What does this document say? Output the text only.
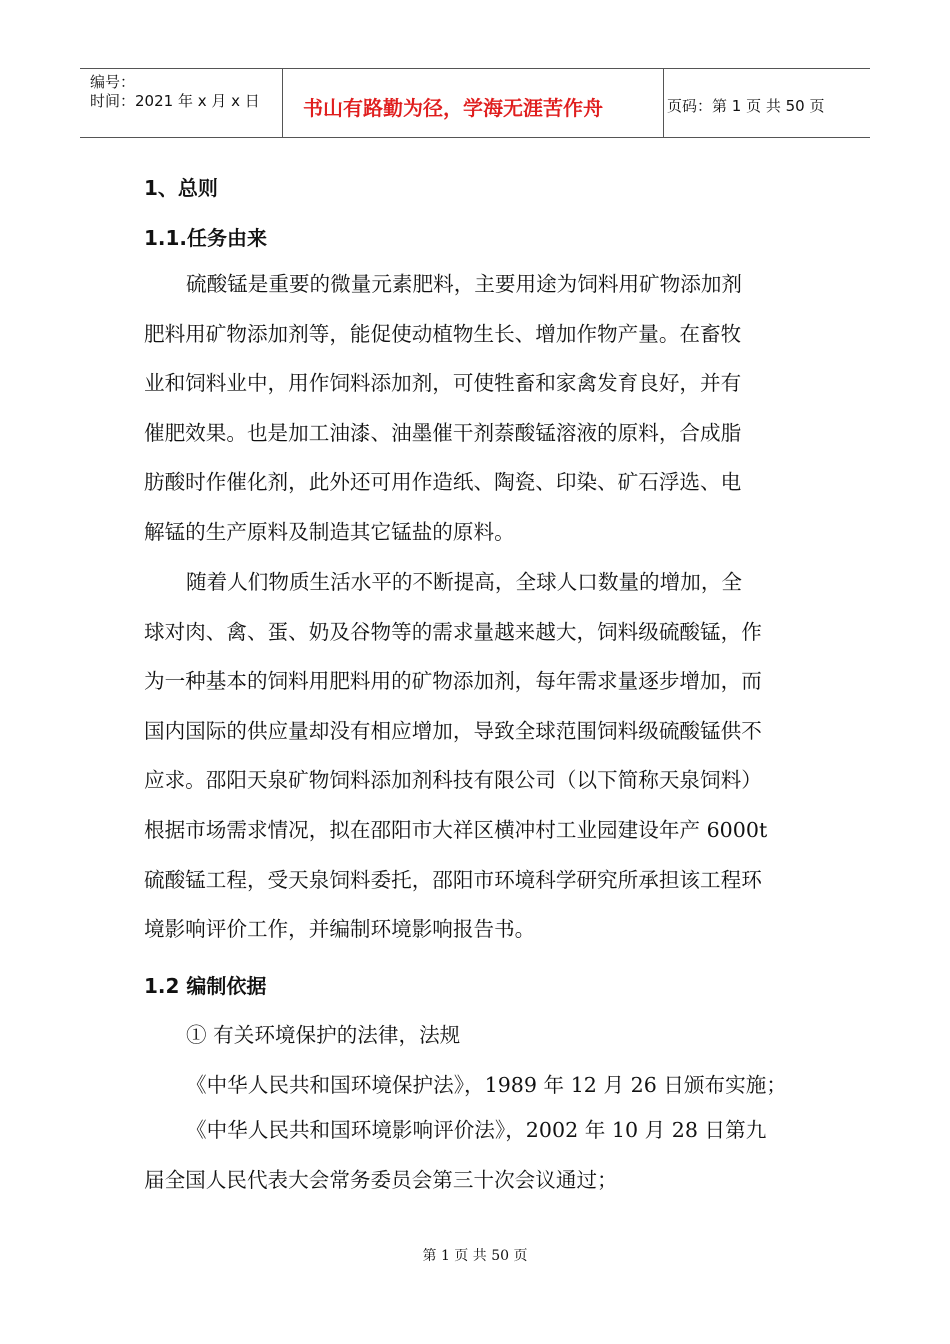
编号：
时间：2021 年 x 月 x 日 书山有路勤为径，学海无涯苦作舟	页码：第 1 页 共 50 页
1、总则
1.1.任务由来
硫酸锰是重要的微量元素肥料，主要用途为饲料用矿物添加剂
肥料用矿物添加剂等，能促使动植物生长、增加作物产量。在畜牧
业和饲料业中，用作饲料添加剂，可使牲畜和家禽发育良好，并有
催肥效果。也是加工油漆、油墨催干剂萘酸锰溶液的原料，合成脂
肪酸时作催化剂，此外还可用作造纸、陶瓷、印染、矿石浮选、电
解锰的生产原料及制造其它锰盐的原料。
随着人们物质生活水平的不断提高，全球人口数量的增加，全
球对肉、禽、蛋、奶及谷物等的需求量越来越大，饲料级硫酸锰，作
为一种基本的饲料用肥料用的矿物添加剂，每年需求量逐步增加，而
国内国际的供应量却没有相应增加，导致全球范围饲料级硫酸锰供不
应求。邵阳天泉矿物饲料添加剂科技有限公司（以下简称天泉饲料）
根据市场需求情况，拟在邵阳市大祥区横冲村工业园建设年产 6000t
硫酸锰工程，受天泉饲料委托，邵阳市环境科学研究所承担该工程环
境影响评价工作，并编制环境影响报告书。
1.2 编制依据
① 有关环境保护的法律，法规
《中华人民共和国环境保护法》，1989 年 12 月 26 日颁布实施；
《中华人民共和国环境影响评价法》，2002 年 10 月 28 日第九
届全国人民代表大会常务委员会第三十次会议通过；
第 1 页 共 50 页
